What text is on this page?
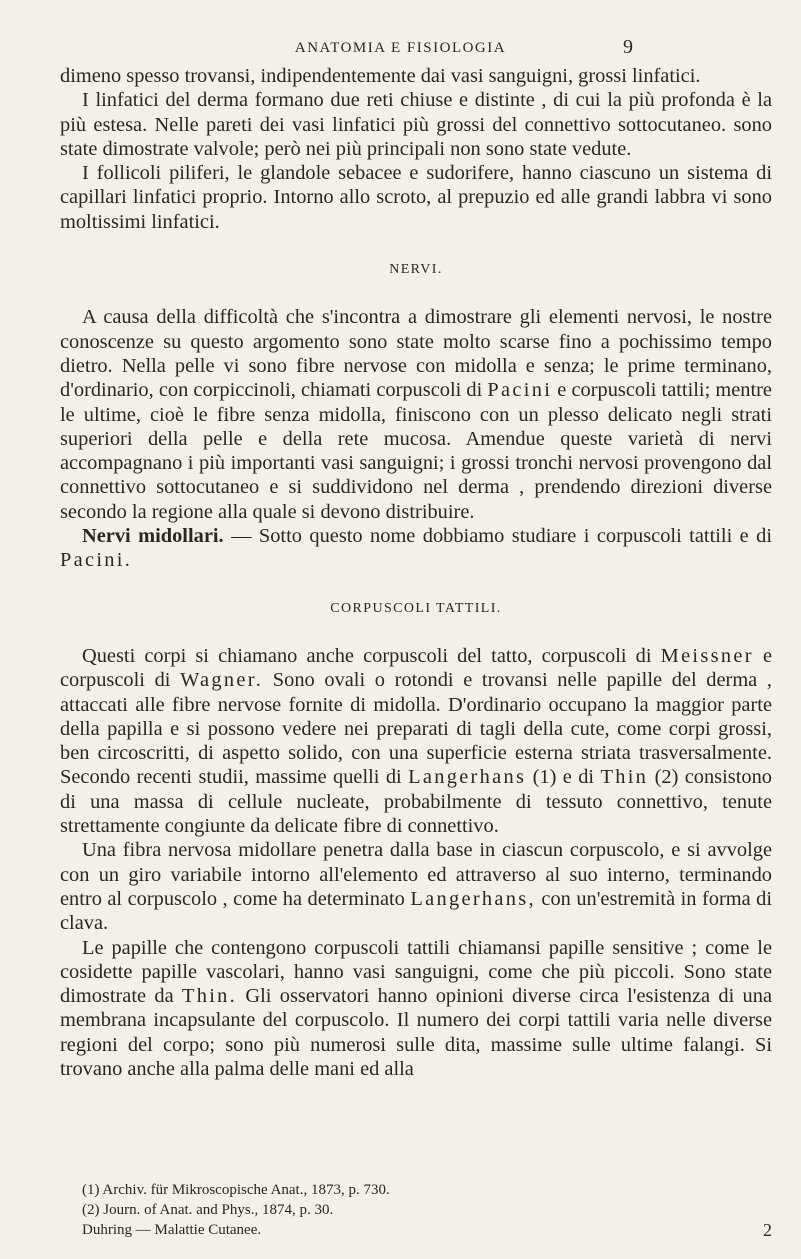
ANATOMIA E FISIOLOGIA	9

dimeno spesso trovansi, indipendentemente dai vasi sanguigni, grossi linfatici.

I linfatici del derma formano due reti chiuse e distinte , di cui la più profonda è la più estesa. Nelle pareti dei vasi linfatici più grossi del connettivo sottocutaneo. sono state dimostrate valvole; però nei più principali non sono state vedute.

I follicoli piliferi, le glandole sebacee e sudorifere, hanno ciascuno un sistema di capillari linfatici proprio. Intorno allo scroto, al prepuzio ed alle grandi labbra vi sono moltissimi linfatici.

NERVI.

A causa della difficoltà che s'incontra a dimostrare gli elementi nervosi, le nostre conoscenze su questo argomento sono state molto scarse fino a pochissimo tempo dietro. Nella pelle vi sono fibre nervose con midolla e senza; le prime terminano, d'ordinario, con corpiccinoli, chiamati corpuscoli di Pacini e corpuscoli tattili; mentre le ultime, cioè le fibre senza midolla, finiscono con un plesso delicato negli strati superiori della pelle e della rete mucosa. Amendue queste varietà di nervi accompagnano i più importanti vasi sanguigni; i grossi tronchi nervosi provengono dal connettivo sottocutaneo e si suddividono nel derma , prendendo direzioni diverse secondo la regione alla quale si devono distribuire.

Nervi midollari. — Sotto questo nome dobbiamo studiare i corpuscoli tattili e di Pacini.

CORPUSCOLI TATTILI.

Questi corpi si chiamano anche corpuscoli del tatto, corpuscoli di Meissner e corpuscoli di Wagner. Sono ovali o rotondi e trovansi nelle papille del derma , attaccati alle fibre nervose fornite di midolla. D'ordinario occupano la maggior parte della papilla e si possono vedere nei preparati di tagli della cute, come corpi grossi, ben circoscritti, di aspetto solido, con una superficie esterna striata trasversalmente. Secondo recenti studii, massime quelli di Langerhans (1) e di Thin (2) consistono di una massa di cellule nucleate, probabilmente di tessuto connettivo, tenute strettamente congiunte da delicate fibre di connettivo.

Una fibra nervosa midollare penetra dalla base in ciascun corpuscolo, e si avvolge con un giro variabile intorno all'elemento ed attraverso al suo interno, terminando entro al corpuscolo , come ha determinato Langerhans, con un'estremità in forma di clava.

Le papille che contengono corpuscoli tattili chiamansi papille sensitive ; come le cosidette papille vascolari, hanno vasi sanguigni, come che più piccoli. Sono state dimostrate da Thin. Gli osservatori hanno opinioni diverse circa l'esistenza di una membrana incapsulante del corpuscolo. Il numero dei corpi tattili varia nelle diverse regioni del corpo; sono più numerosi sulle dita, massime sulle ultime falangi. Si trovano anche alla palma delle mani ed alla

(1) Archiv. für Mikroscopische Anat., 1873, p. 730.

(2) Journ. of Anat. and Phys., 1874, p. 30.

Duhring — Malattie Cutanee.	2
